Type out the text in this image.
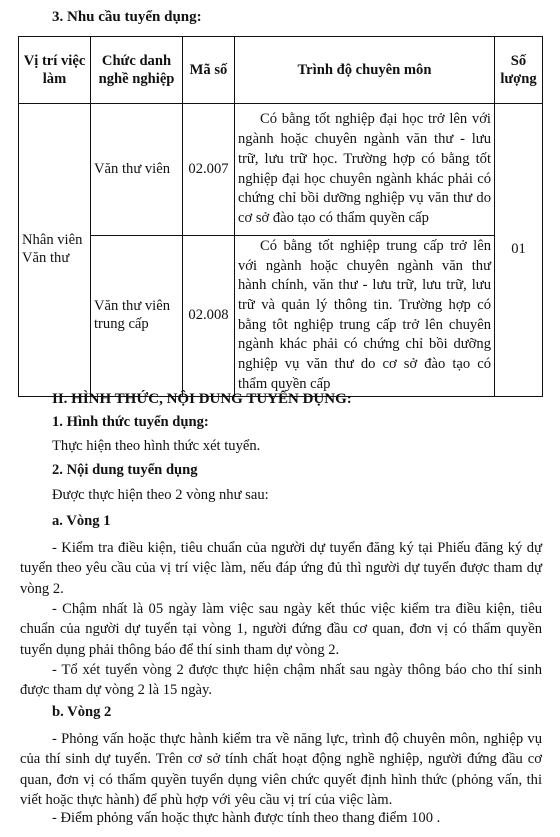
3. Nhu cầu tuyển dụng:
Vị trí việc làm	Chức danh nghề nghiệp	Mã số	Trình độ chuyên môn	Số lượng
Nhân viên Văn thư	Văn thư viên	02.007	Có bằng tốt nghiệp đại học trở lên với ngành hoặc chuyên ngành văn thư - lưu trữ, lưu trữ học. Trường hợp có bằng tốt nghiệp đại học chuyên ngành khác phải có chứng chỉ bồi dưỡng nghiệp vụ văn thư do cơ sở đào tạo có thẩm quyền cấp	01
	Văn thư viên trung cấp	02.008	Có bằng tốt nghiệp trung cấp trở lên với ngành hoặc chuyên ngành văn thư hành chính, văn thư - lưu trữ, lưu trữ, lưu trữ và quản lý thông tin. Trường hợp có bằng tôt nghiệp trung cấp trở lên chuyên ngành khác phải có chứng chỉ bồi dưỡng nghiệp vụ văn thư do cơ sở đào tạo có thẩm quyền cấp	
II. HÌNH THỨC, NỘI DUNG TUYỂN DỤNG:
1. Hình thức tuyển dụng:
Thực hiện theo hình thức xét tuyển.
2. Nội dung tuyển dụng
Được thực hiện theo 2 vòng như sau:
a. Vòng 1
- Kiểm tra điều kiện, tiêu chuẩn của người dự tuyển đăng ký tại Phiếu đăng ký dự tuyển theo yêu cầu của vị trí việc làm, nếu đáp ứng đủ thì người dự tuyển được tham dự vòng 2.
- Chậm nhất là 05 ngày làm việc sau ngày kết thúc việc kiểm tra điều kiện, tiêu chuẩn của người dự tuyển tại vòng 1, người đứng đầu cơ quan, đơn vị có thẩm quyền tuyển dụng phải thông báo để thí sinh tham dự vòng 2.
- Tổ xét tuyển vòng 2 được thực hiện chậm nhất sau ngày thông báo cho thí sinh được tham dự vòng 2 là 15 ngày.
b. Vòng 2
- Phỏng vấn hoặc thực hành kiểm tra về năng lực, trình độ chuyên môn, nghiệp vụ của thí sinh dự tuyển. Trên cơ sở tính chất hoạt động nghề nghiệp, người đứng đầu cơ quan, đơn vị có thẩm quyền tuyển dụng viên chức quyết định hình thức (phỏng vấn, thi viết hoặc thực hành) để phù hợp với yêu cầu vị trí của việc làm.
- Điểm phỏng vấn hoặc thực hành được tính theo thang điểm 100 .
